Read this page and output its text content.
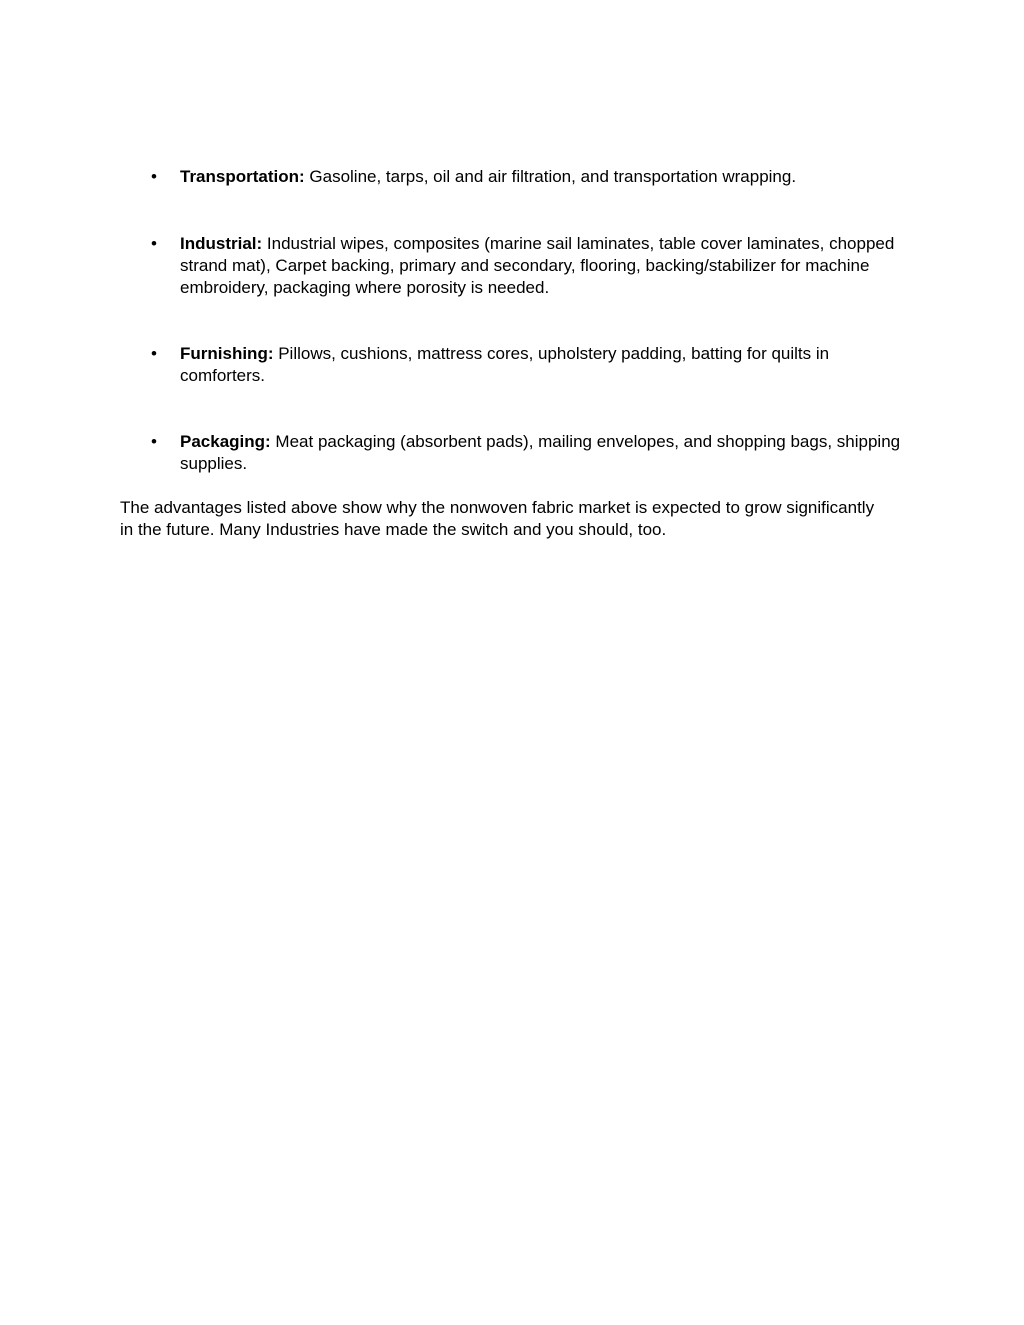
• Transportation: Gasoline, tarps, oil and air filtration, and transportation wrapping.
• Industrial: Industrial wipes, composites (marine sail laminates, table cover laminates, chopped strand mat), Carpet backing, primary and secondary, flooring, backing/stabilizer for machine embroidery, packaging where porosity is needed.
• Furnishing: Pillows, cushions, mattress cores, upholstery padding, batting for quilts in comforters.
• Packaging: Meat packaging (absorbent pads), mailing envelopes, and shopping bags, shipping supplies.

The advantages listed above show why the nonwoven fabric market is expected to grow significantly in the future. Many Industries have made the switch and you should, too.
